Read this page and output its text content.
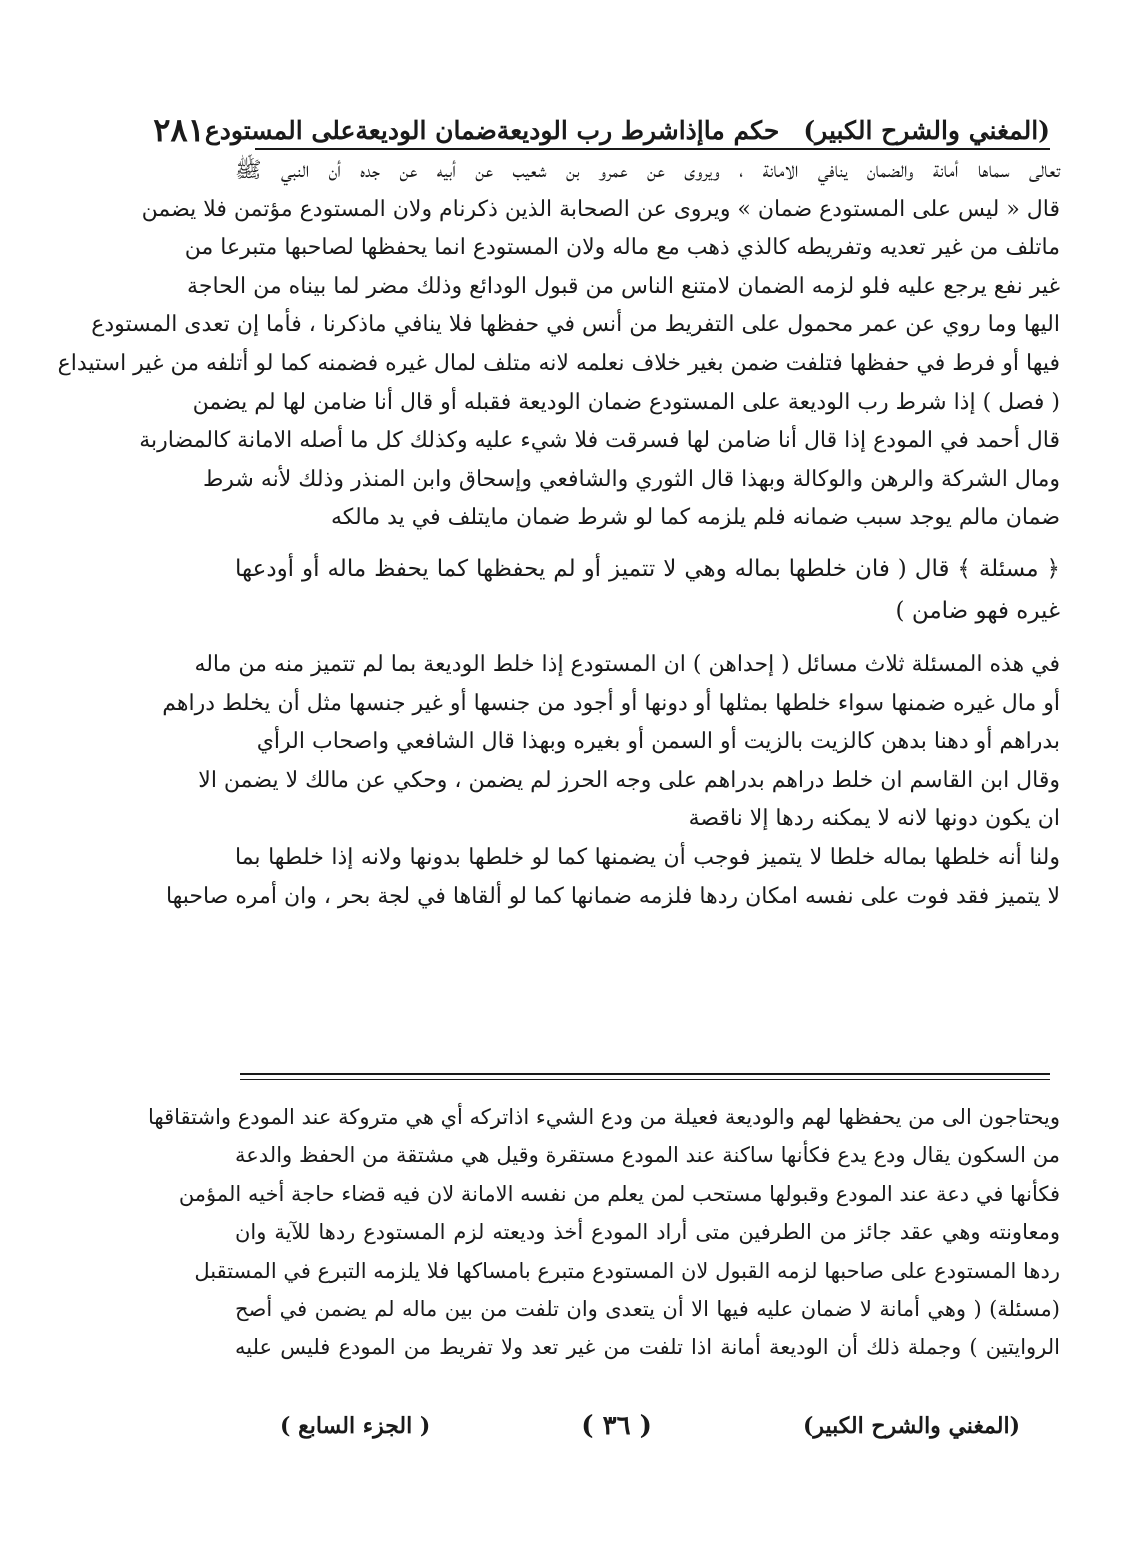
(المغني والشرح الكبير)
حكم ماإذاشرط رب الوديعةضمان الوديعةعلى المستودع
٢٨١
تعالى سماها أمانة والضمان ينافي الامانة ، ويروى عن عمرو بن شعيب عن أبيه عن جده أن النبي ﷺ
قال « ليس على المستودع ضمان » ويروى عن الصحابة الذين ذكرنام ولان المستودع مؤتمن فلا يضمن
ماتلف من غير تعديه وتفريطه كالذي ذهب مع ماله ولان المستودع انما يحفظها لصاحبها متبرعا من
غير نفع يرجع عليه فلو لزمه الضمان لامتنع الناس من قبول الودائع وذلك مضر لما بيناه من الحاجة
اليها وما روي عن عمر محمول على التفريط من أنس في حفظها فلا ينافي ماذكرنا ، فأما إن تعدى المستودع
فيها أو فرط في حفظها فتلفت ضمن بغير خلاف نعلمه لانه متلف لمال غيره فضمنه كما لو أتلفه من غير استيداع
( فصل ) إذا شرط رب الوديعة على المستودع ضمان الوديعة فقبله أو قال أنا ضامن لها لم يضمن
قال أحمد في المودع إذا قال أنا ضامن لها فسرقت فلا شيء عليه وكذلك كل ما أصله الامانة كالمضاربة
ومال الشركة والرهن والوكالة وبهذا قال الثوري والشافعي وإسحاق وابن المنذر وذلك لأنه شرط
ضمان مالم يوجد سبب ضمانه فلم يلزمه كما لو شرط ضمان مايتلف في يد مالكه
﴿ مسئلة ﴾ قال ( فان خلطها بماله وهي لا تتميز أو لم يحفظها كما يحفظ ماله أو أودعها
غيره فهو ضامن )
في هذه المسئلة ثلاث مسائل ( إحداهن ) ان المستودع إذا خلط الوديعة بما لم تتميز منه من ماله
أو مال غيره ضمنها سواء خلطها بمثلها أو دونها أو أجود من جنسها أو غير جنسها مثل أن يخلط دراهم
بدراهم أو دهنا بدهن كالزيت بالزيت أو السمن أو بغيره وبهذا قال الشافعي واصحاب الرأي
وقال ابن القاسم ان خلط دراهم بدراهم على وجه الحرز لم يضمن ، وحكي عن مالك لا يضمن الا
ان يكون دونها لانه لا يمكنه ردها إلا ناقصة
ولنا أنه خلطها بماله خلطا لا يتميز فوجب أن يضمنها كما لو خلطها بدونها ولانه إذا خلطها بما
لا يتميز فقد فوت على نفسه امكان ردها فلزمه ضمانها كما لو ألقاها في لجة بحر ، وان أمره صاحبها
ويحتاجون الى من يحفظها لهم والوديعة فعيلة من ودع الشيء اذاتركه أي هي متروكة عند المودع واشتقاقها
من السكون يقال ودع يدع فكأنها ساكنة عند المودع مستقرة وقيل هي مشتقة من الحفظ والدعة
فكأنها في دعة عند المودع وقبولها مستحب لمن يعلم من نفسه الامانة لان فيه قضاء حاجة أخيه المؤمن
ومعاونته وهي عقد جائز من الطرفين متى أراد المودع أخذ وديعته لزم المستودع ردها للآية وان
ردها المستودع على صاحبها لزمه القبول لان المستودع متبرع بامساكها فلا يلزمه التبرع في المستقبل
(مسئلة) ( وهي أمانة لا ضمان عليه فيها الا أن يتعدى وان تلفت من بين ماله لم يضمن في أصح
الروايتين ) وجملة ذلك أن الوديعة أمانة اذا تلفت من غير تعد ولا تفريط من المودع فليس عليه
(المغني والشرح الكبير)
( ٣٦ )
( الجزء السابع )
